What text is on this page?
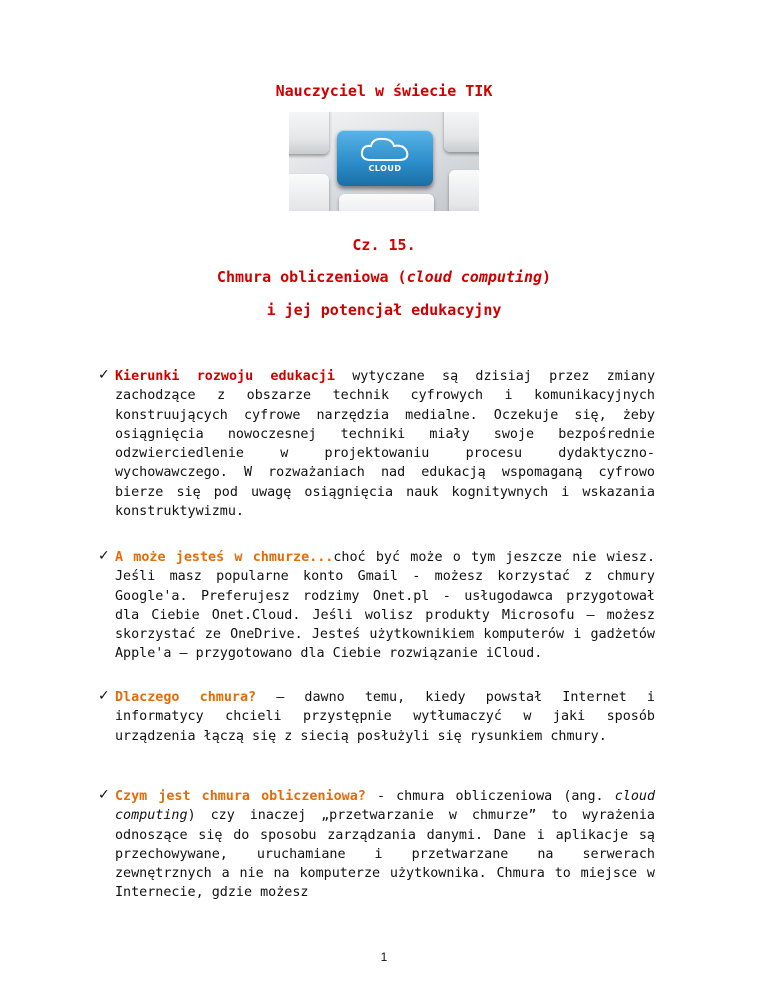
Nauczyciel w świecie TIK
CLOUD
Cz. 15.
Chmura obliczeniowa (cloud computing)
i jej potencjał edukacyjny
✓ Kierunki rozwoju edukacji wytyczane są dzisiaj przez zmiany zachodzące z obszarze technik cyfrowych i komunikacyjnych konstruujących cyfrowe narzędzia medialne. Oczekuje się, żeby osiągnięcia nowoczesnej techniki miały swoje bezpośrednie odzwierciedlenie w projektowaniu procesu dydaktyczno-wychowawczego. W rozważaniach nad edukacją wspomaganą cyfrowo bierze się pod uwagę osiągnięcia nauk kognitywnych i wskazania konstruktywizmu.

✓ A może jesteś w chmurze...choć być może o tym jeszcze nie wiesz. Jeśli masz popularne konto Gmail - możesz korzystać z chmury Google'a. Preferujesz rodzimy Onet.pl - usługodawca przygotował dla Ciebie Onet.Cloud. Jeśli wolisz produkty Microsofu – możesz skorzystać ze OneDrive. Jesteś użytkownikiem komputerów i gadżetów Apple'a – przygotowano dla Ciebie rozwiązanie iCloud.

✓ Dlaczego chmura? – dawno temu, kiedy powstał Internet i informatycy chcieli przystępnie wytłumaczyć w jaki sposób urządzenia łączą się z siecią posłużyli się rysunkiem chmury.

✓ Czym jest chmura obliczeniowa? - chmura obliczeniowa (ang. cloud computing) czy inaczej „przetwarzanie w chmurze” to wyrażenia odnoszące się do sposobu zarządzania danymi. Dane i aplikacje są przechowywane, uruchamiane i przetwarzane na serwerach zewnętrznych a nie na komputerze użytkownika. Chmura to miejsce w Internecie, gdzie możesz

1
